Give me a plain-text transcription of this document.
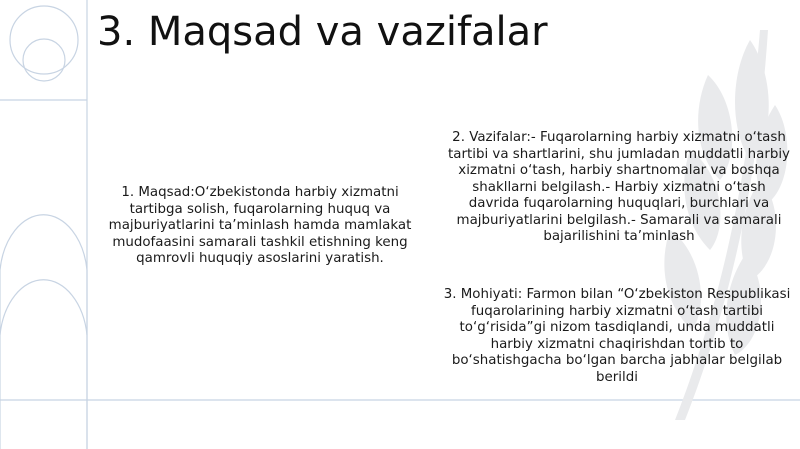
3. Maqsad va vazifalar

1. Maqsad:O‘zbekistonda harbiy xizmatni tartibga solish, fuqarolarning huquq va majburiyatlarini ta’minlash hamda mamlakat mudofaasini samarali tashkil etishning keng qamrovli huquqiy asoslarini yaratish.

2. Vazifalar:- Fuqarolarning harbiy xizmatni o‘tash tartibi va shartlarini, shu jumladan muddatli harbiy xizmatni o‘tash, harbiy shartnomalar va boshqa shakllarni belgilash.- Harbiy xizmatni o‘tash davrida fuqarolarning huquqlari, burchlari va majburiyatlarini belgilash.- Samarali va samarali bajarilishini ta’minlash

3. Mohiyati: Farmon bilan “O‘zbekiston Respublikasi fuqarolarining harbiy xizmatni o‘tash tartibi to‘g‘risida”gi nizom tasdiqlandi, unda muddatli harbiy xizmatni chaqirishdan tortib to bo‘shatishgacha bo‘lgan barcha jabhalar belgilab berildi
